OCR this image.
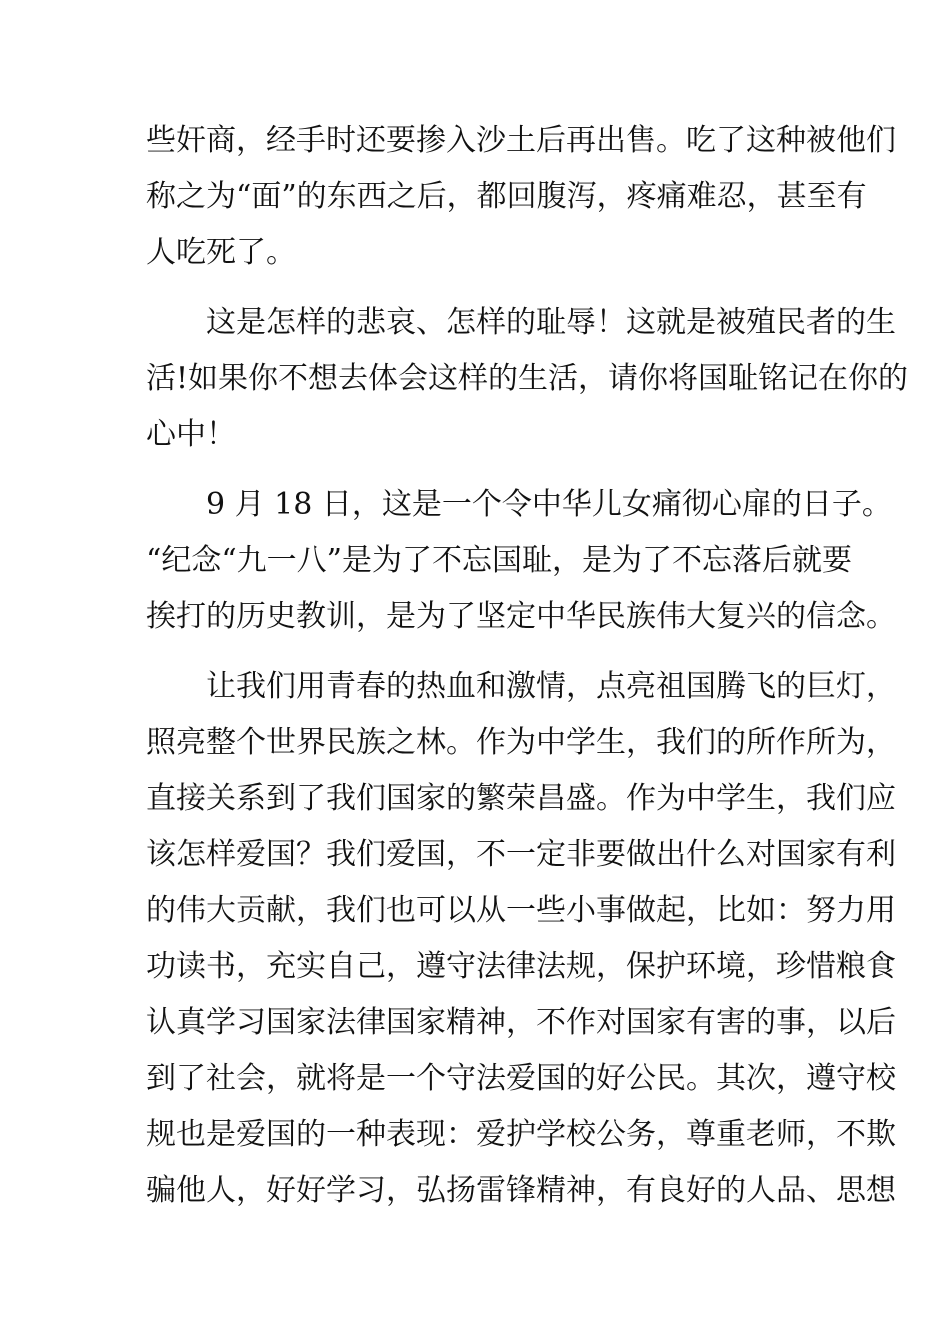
些奸商，经手时还要掺入沙土后再出售。吃了这种被他们
称之为“面”的东西之后，都回腹泻，疼痛难忍，甚至有
人吃死了。
　　这是怎样的悲哀、怎样的耻辱！这就是被殖民者的生
活!如果你不想去体会这样的生活，请你将国耻铭记在你的
心中！
　　9 月 18 日，这是一个令中华儿女痛彻心扉的日子。
“纪念“九一八”是为了不忘国耻，是为了不忘落后就要
挨打的历史教训，是为了坚定中华民族伟大复兴的信念。
　　让我们用青春的热血和激情，点亮祖国腾飞的巨灯，
照亮整个世界民族之林。作为中学生，我们的所作所为，
直接关系到了我们国家的繁荣昌盛。作为中学生，我们应
该怎样爱国？我们爱国，不一定非要做出什么对国家有利
的伟大贡献，我们也可以从一些小事做起，比如：努力用
功读书，充实自己，遵守法律法规，保护环境，珍惜粮食
认真学习国家法律国家精神，不作对国家有害的事，以后
到了社会，就将是一个守法爱国的好公民。其次，遵守校
规也是爱国的一种表现：爱护学校公务，尊重老师，不欺
骗他人，好好学习，弘扬雷锋精神，有良好的人品、思想
